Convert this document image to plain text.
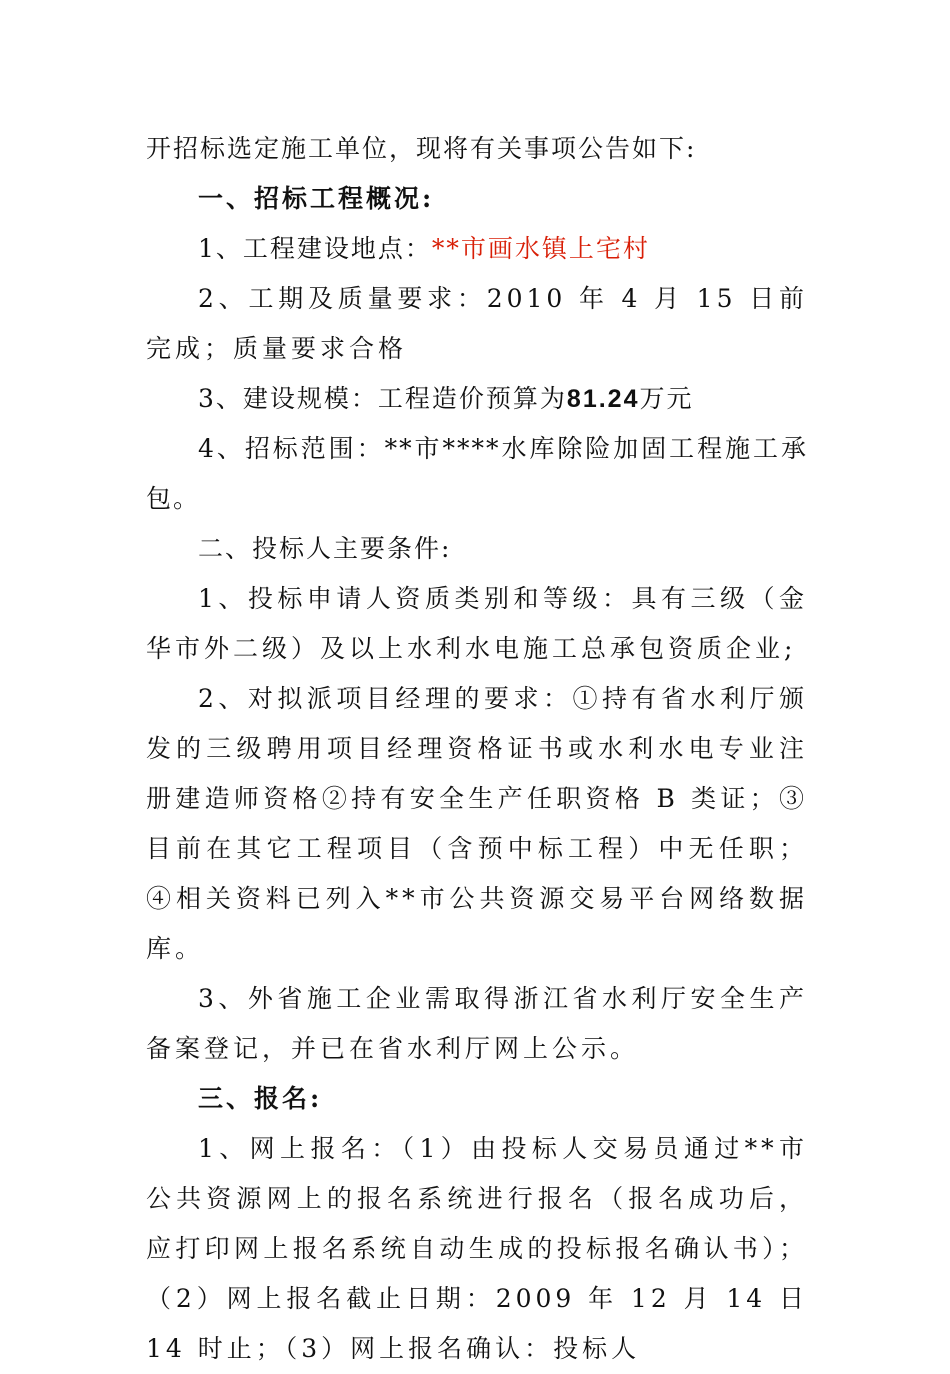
开招标选定施工单位，现将有关事项公告如下:

一、招标工程概况:

1、工程建设地点：**市画水镇上宅村

2、工期及质量要求：2010 年 4 月 15 日前完成；质量要求合格

3、建设规模：工程造价预算为81.24万元

4、招标范围：**市****水库除险加固工程施工承包。

二、投标人主要条件:

1、投标申请人资质类别和等级：具有三级（金华市外二级）及以上水利水电施工总承包资质企业;

2、对拟派项目经理的要求：①持有省水利厅颁发的三级聘用项目经理资格证书或水利水电专业注册建造师资格②持有安全生产任职资格 B 类证；③目前在其它工程项目（含预中标工程）中无任职；④相关资料已列入**市公共资源交易平台网络数据库。

3、外省施工企业需取得浙江省水利厅安全生产备案登记，并已在省水利厅网上公示。

三、报名:

1、网上报名：（1）由投标人交易员通过**市公共资源网上的报名系统进行报名（报名成功后，应打印网上报名系统自动生成的投标报名确认书）；（2）网上报名截止日期：2009 年 12 月 14 日 14 时止；（3）网上报名确认：投标人
